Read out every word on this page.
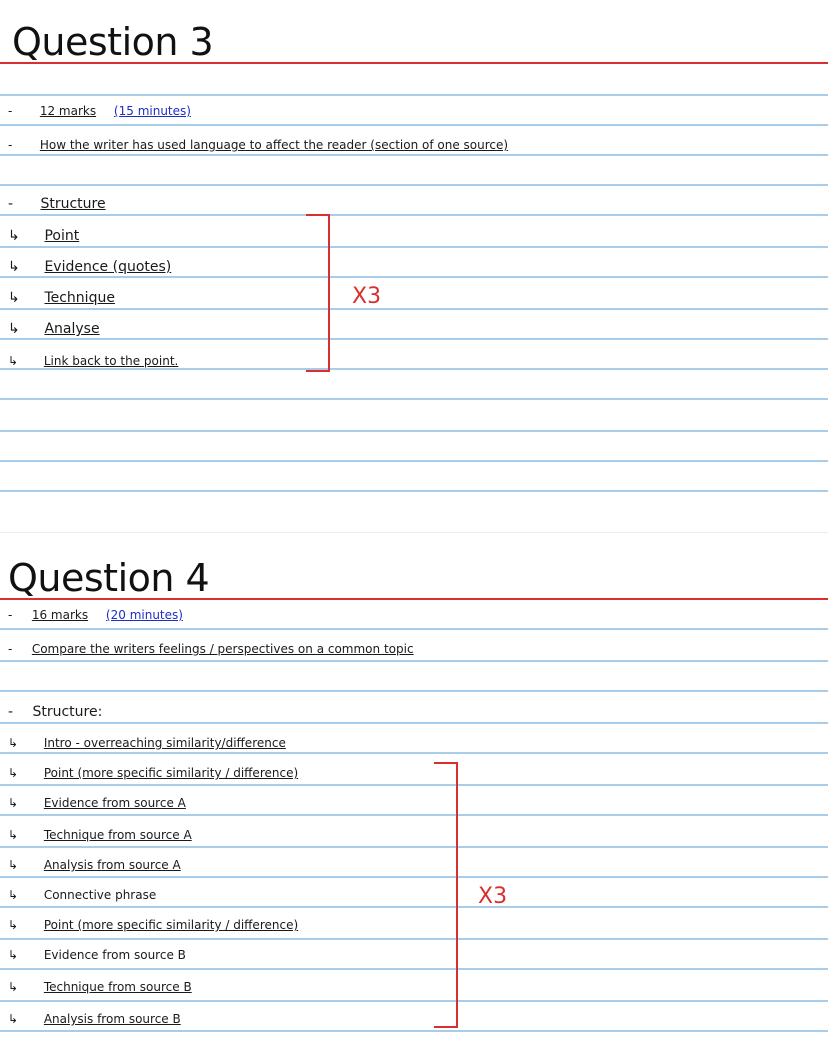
Question 3
- 12 marks (15 minutes)
- How the writer has used language to affect the reader (section of one source)
- Structure
↳ Point
↳ Evidence (quotes)
↳ Technique
↳ Analyse
↳ Link back to the point.
X3
Question 4
- 16 marks (20 minutes)
- Compare the writers feelings / perspectives on a common topic
- Structure:
↳ Intro - overreaching similarity/difference
↳ Point (more specific similarity / difference)
↳ Evidence from source A
↳ Technique from source A
↳ Analysis from source A
↳ Connective phrase
↳ Point (more specific similarity / difference)
↳ Evidence from source B
↳ Technique from source B
↳ Analysis from source B
X3
